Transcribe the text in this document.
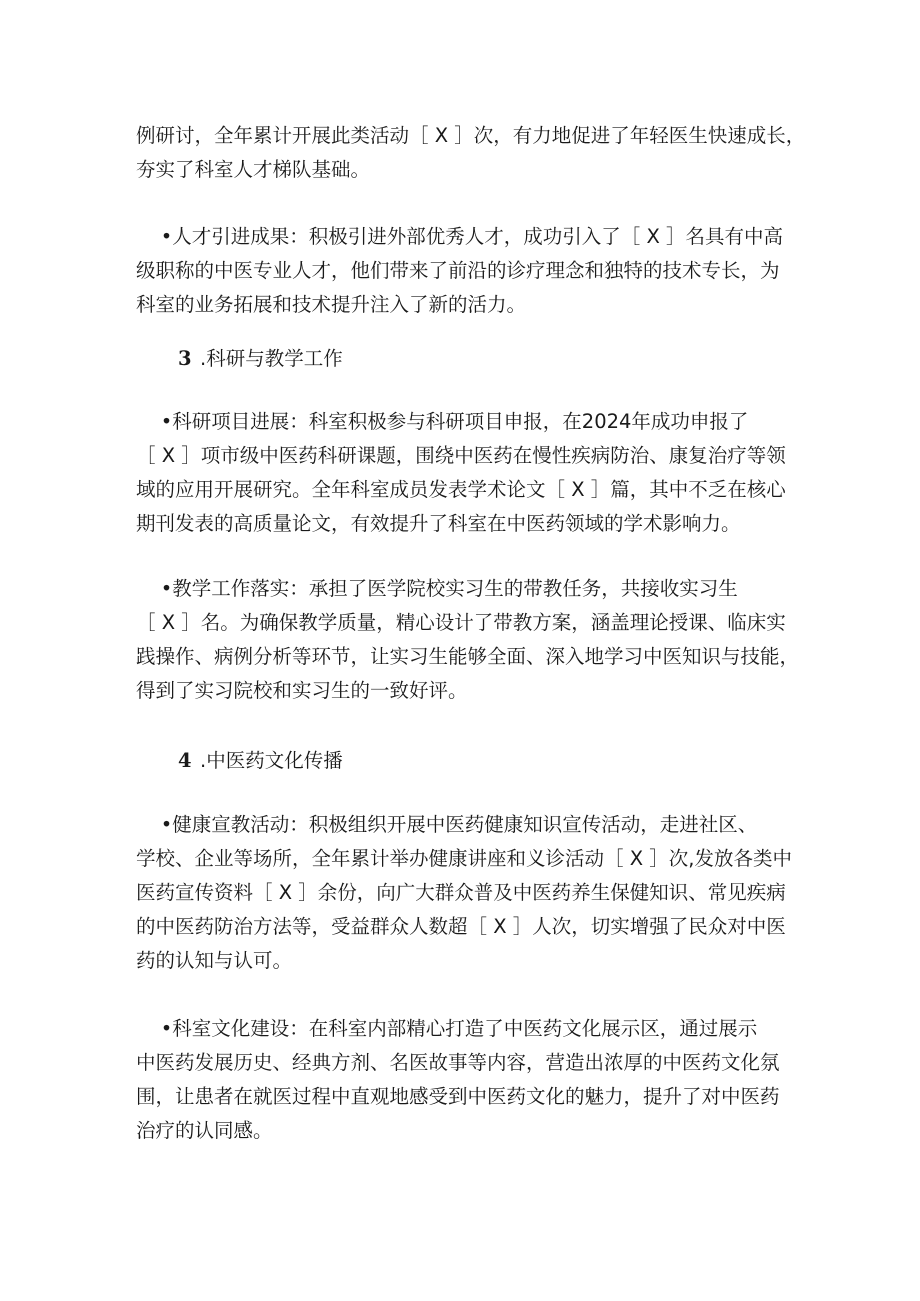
例研讨，全年累计开展此类活动［ X ］次，有力地促进了年轻医生快速成长，
夯实了科室人才梯队基础。
•人才引进成果：积极引进外部优秀人才，成功引入了［ X ］名具有中高
级职称的中医专业人才，他们带来了前沿的诊疗理念和独特的技术专长，为
科室的业务拓展和技术提升注入了新的活力。
3 .科研与教学工作
•科研项目进展：科室积极参与科研项目申报，在2024年成功申报了
［ X ］项市级中医药科研课题，围绕中医药在慢性疾病防治、康复治疗等领
域的应用开展研究。全年科室成员发表学术论文［ X ］篇，其中不乏在核心
期刊发表的高质量论文，有效提升了科室在中医药领域的学术影响力。
•教学工作落实：承担了医学院校实习生的带教任务，共接收实习生
［ X ］名。为确保教学质量，精心设计了带教方案，涵盖理论授课、临床实
践操作、病例分析等环节，让实习生能够全面、深入地学习中医知识与技能，
得到了实习院校和实习生的一致好评。
4 .中医药文化传播
•健康宣教活动：积极组织开展中医药健康知识宣传活动，走进社区、
学校、企业等场所，全年累计举办健康讲座和义诊活动［ X ］次,发放各类中
医药宣传资料［ X ］余份，向广大群众普及中医药养生保健知识、常见疾病
的中医药防治方法等，受益群众人数超［ X ］人次，切实增强了民众对中医
药的认知与认可。
•科室文化建设：在科室内部精心打造了中医药文化展示区，通过展示
中医药发展历史、经典方剂、名医故事等内容，营造出浓厚的中医药文化氛
围，让患者在就医过程中直观地感受到中医药文化的魅力，提升了对中医药
治疗的认同感。
